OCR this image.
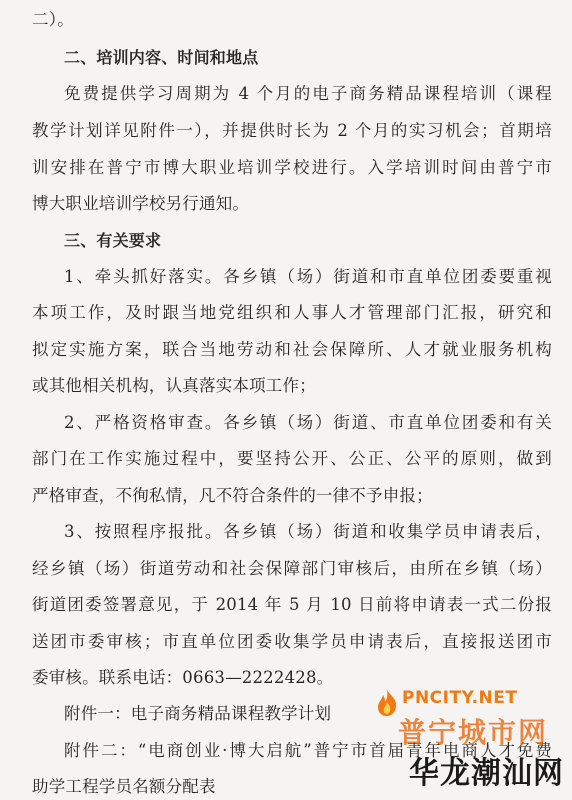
二）。
二、培训内容、时间和地点
免费提供学习周期为 4 个月的电子商务精品课程培训（课程
教学计划详见附件一），并提供时长为 2 个月的实习机会；首期培
训安排在普宁市博大职业培训学校进行。入学培训时间由普宁市
博大职业培训学校另行通知。
三、有关要求
1、牵头抓好落实。各乡镇（场）街道和市直单位团委要重视
本项工作，及时跟当地党组织和人事人才管理部门汇报，研究和
拟定实施方案，联合当地劳动和社会保障所、人才就业服务机构
或其他相关机构，认真落实本项工作；
2、严格资格审查。各乡镇（场）街道、市直单位团委和有关
部门在工作实施过程中，要坚持公开、公正、公平的原则，做到
严格审查，不徇私情，凡不符合条件的一律不予申报；
3、按照程序报批。各乡镇（场）街道和收集学员申请表后，
经乡镇（场）街道劳动和社会保障部门审核后，由所在乡镇（场）
街道团委签署意见，于 2014 年 5 月 10 日前将申请表一式二份报
送团市委审核；市直单位团委收集学员申请表后，直接报送团市
委审核。联系电话：0663—2222428。
附件一：电子商务精品课程教学计划
附件二：“电商创业·博大启航”普宁市首届青年电商人才免费
助学工程学员名额分配表
PNCITY.NET
普宁城市网
华龙潮汕网
